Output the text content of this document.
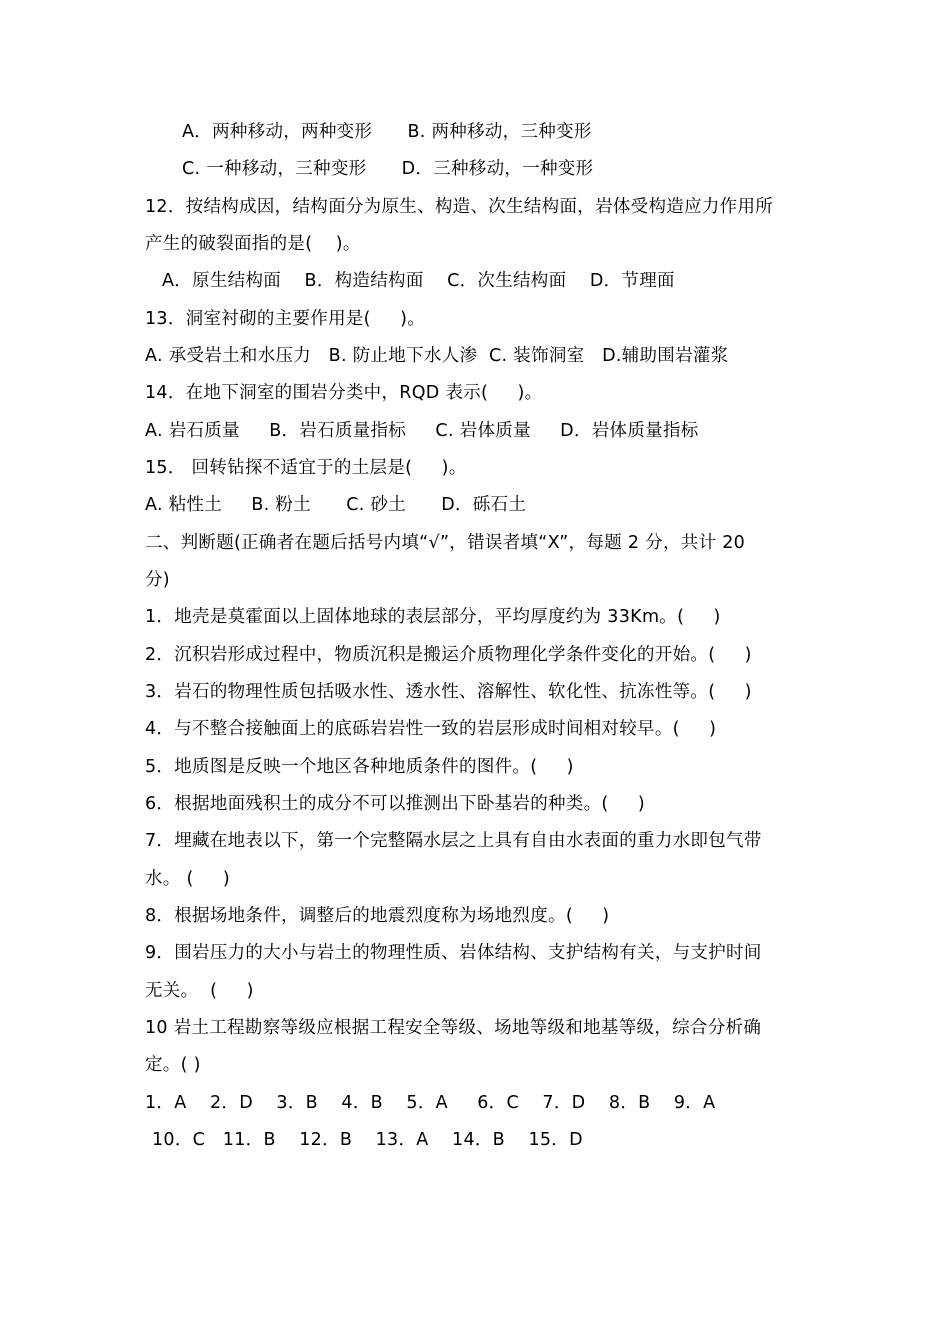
A．两种移动，两种变形      B. 两种移动，三种变形
C. 一种移动，三种变形      D．三种移动，一种变形
12．按结构成因，结构面分为原生、构造、次生结构面，岩体受构造应力作用所
产生的破裂面指的是(    )。
A．原生结构面    B．构造结构面    C．次生结构面    D．节理面
13．洞室衬砌的主要作用是(     )。
A. 承受岩土和水压力   B. 防止地下水人渗  C. 装饰洞室   D.辅助围岩灌浆
14．在地下洞室的围岩分类中，RQD 表示(     )。
A. 岩石质量     B．岩石质量指标     C. 岩体质量     D．岩体质量指标
15． 回转钻探不适宜于的土层是(     )。
A. 粘性土     B. 粉土      C. 砂土      D．砾石土
二、判断题(正确者在题后括号内填“√”，错误者填“X”，每题 2 分，共计 20
分)
1．地壳是莫霍面以上固体地球的表层部分，平均厚度约为 33Km。(     )
2．沉积岩形成过程中，物质沉积是搬运介质物理化学条件变化的开始。(     )
3．岩石的物理性质包括吸水性、透水性、溶解性、软化性、抗冻性等。(     )
4．与不整合接触面上的底砾岩岩性一致的岩层形成时间相对较早。(     )
5．地质图是反映一个地区各种地质条件的图件。(     )
6．根据地面残积土的成分不可以推测出下卧基岩的种类。(     )
7．埋藏在地表以下，第一个完整隔水层之上具有自由水表面的重力水即包气带
水。 (     )
8．根据场地条件，调整后的地震烈度称为场地烈度。(     )
9．围岩压力的大小与岩土的物理性质、岩体结构、支护结构有关，与支护时间
无关。  (     )
10 岩土工程勘察等级应根据工程安全等级、场地等级和地基等级，综合分析确
定。( )
1．A    2．D    3．B    4．B    5．A     6．C    7．D    8．B    9．A
10．C   11．B    12．B    13．A    14．B    15．D
